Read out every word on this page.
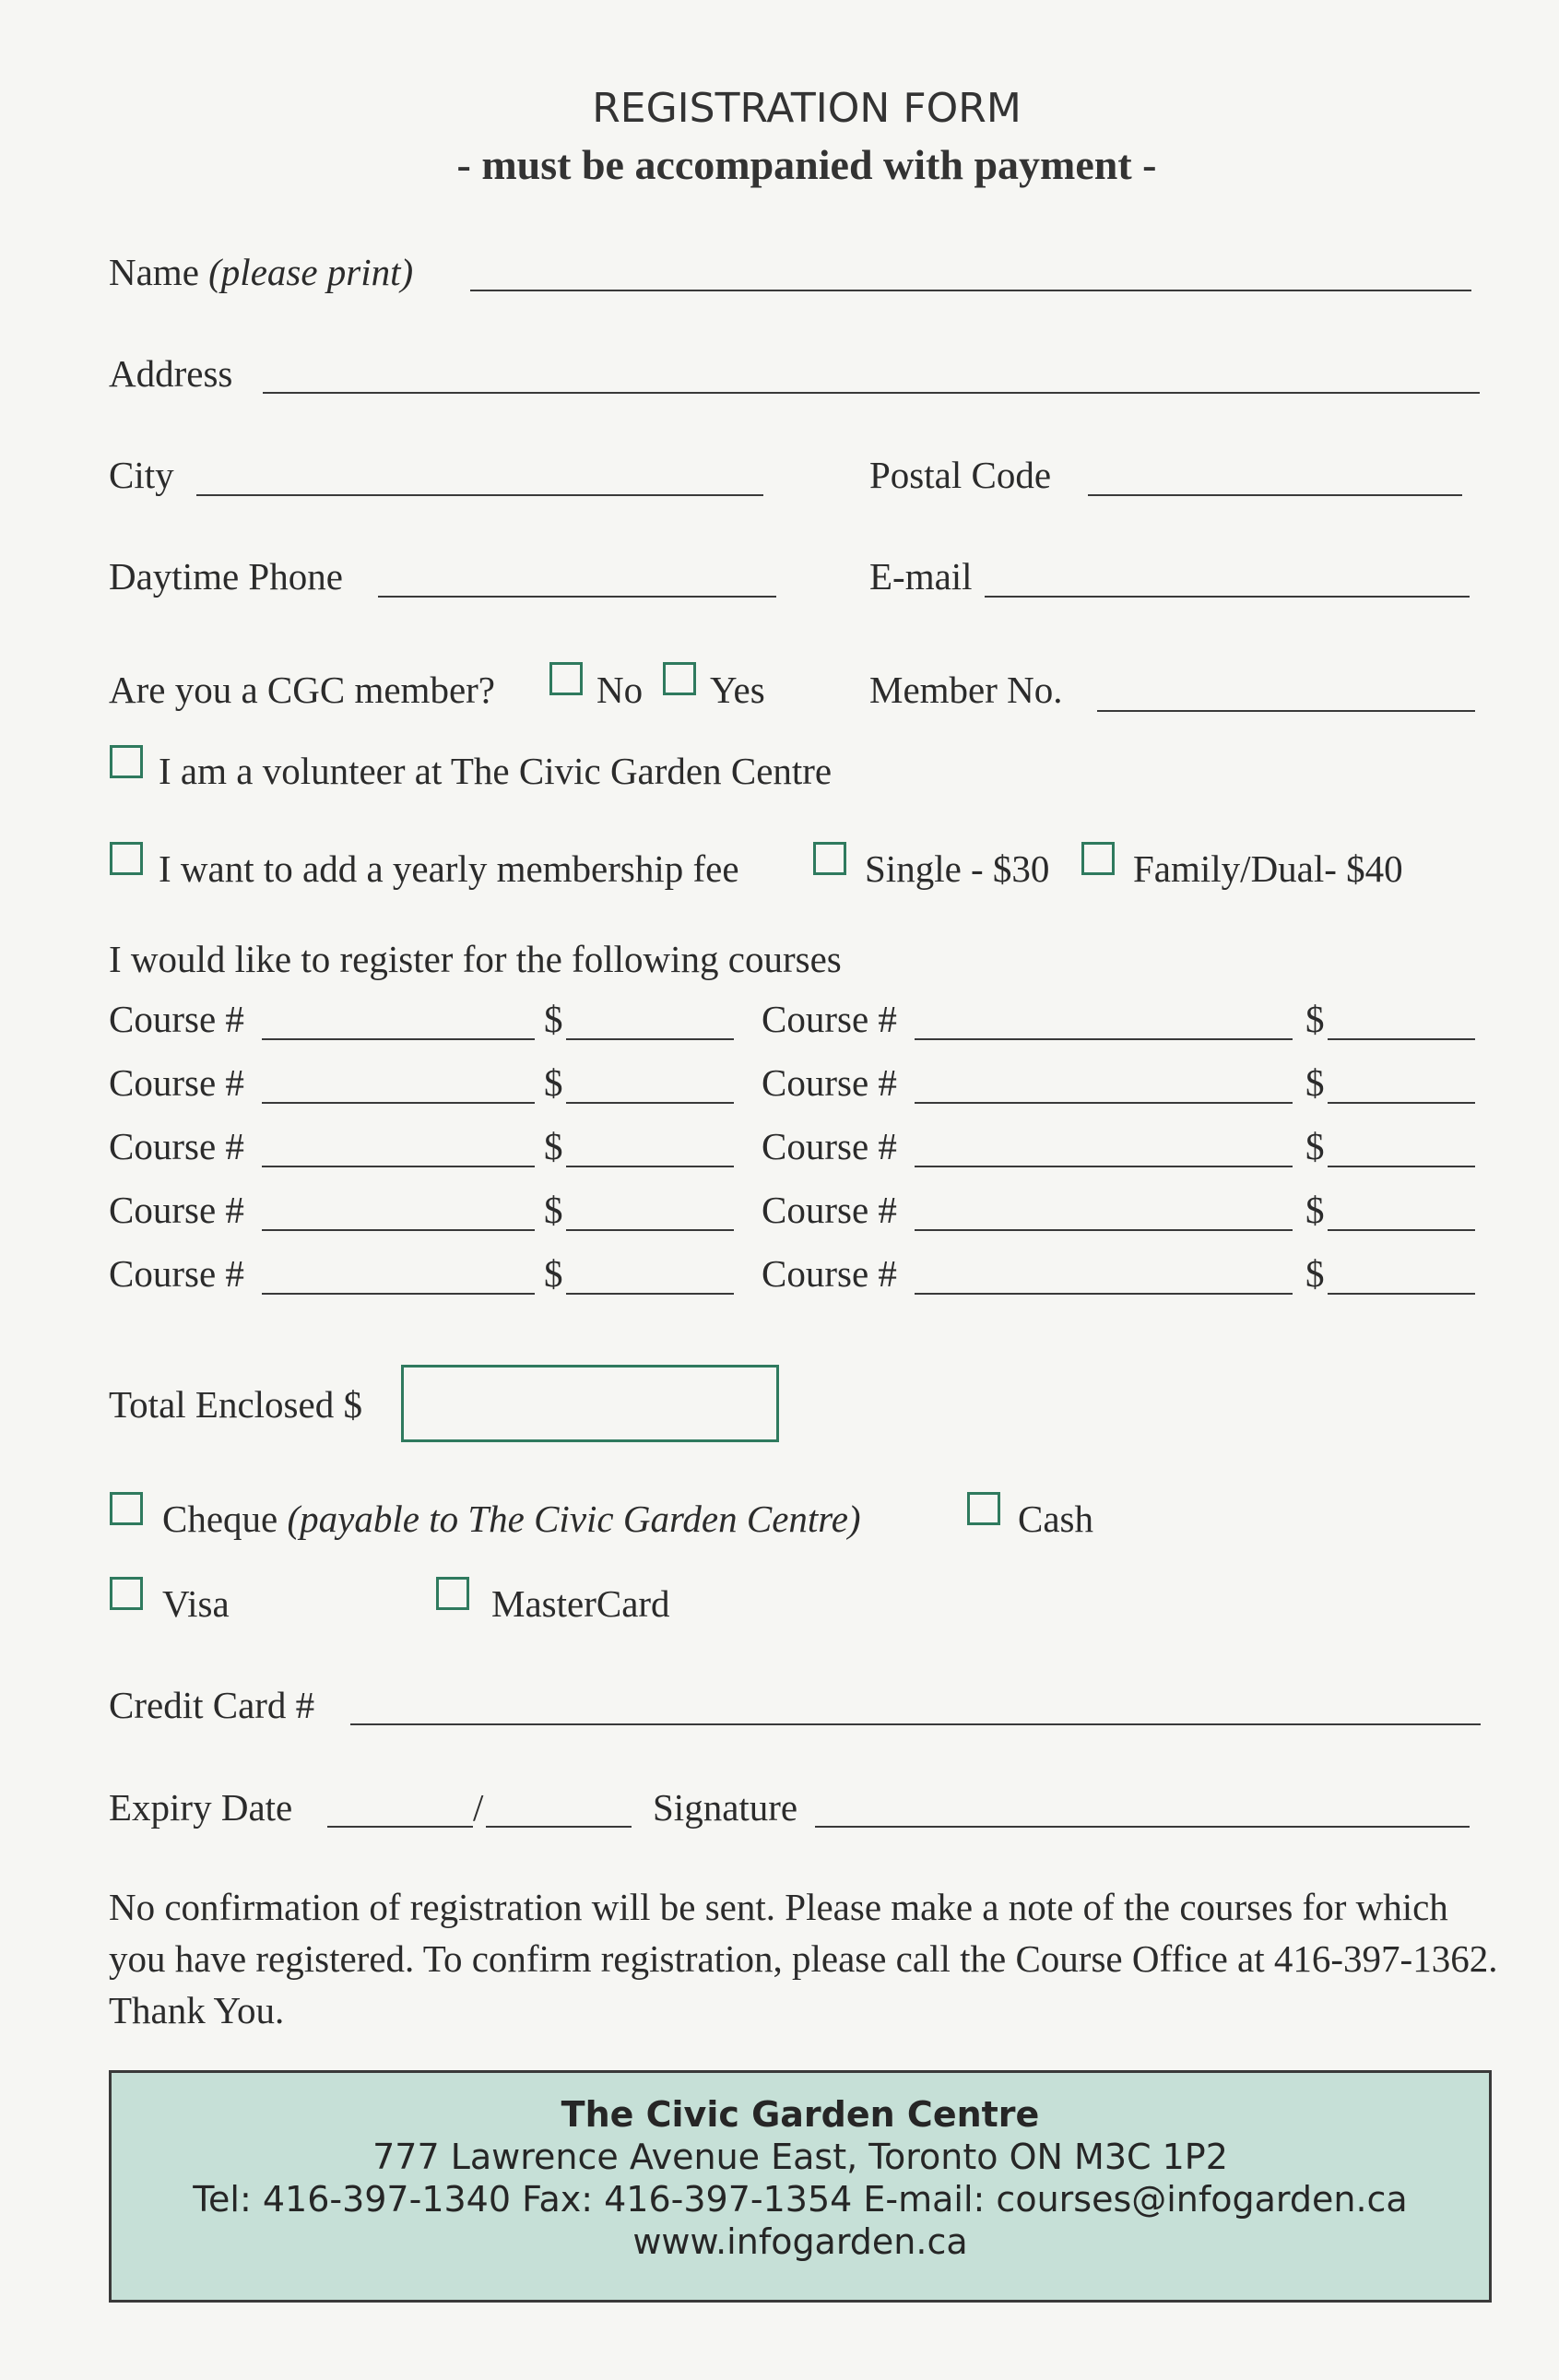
REGISTRATION FORM
- must be accompanied with payment -
Name (please print)
Address
City	Postal Code
Daytime Phone	E-mail
Are you a CGC member?	No Yes	Member No.
I am a volunteer at The Civic Garden Centre
I want to add a yearly membership fee	Single - $30 Family/Dual- $40
I would like to register for the following courses
Course #	$	Course #	$
Course #	$	Course #	$
Course #	$	Course #	$
Course #	$	Course #	$
Course #	$	Course #	$
Total Enclosed $
Cheque (payable to The Civic Garden Centre)	Cash
Visa	MasterCard
Credit Card #
Expiry Date	/	Signature
No confirmation of registration will be sent. Please make a note of the courses for which you have registered. To confirm registration, please call the Course Office at 416-397-1362. Thank You.
The Civic Garden Centre
777 Lawrence Avenue East, Toronto ON M3C 1P2
Tel: 416-397-1340 Fax: 416-397-1354 E-mail: courses@infogarden.ca
www.infogarden.ca
